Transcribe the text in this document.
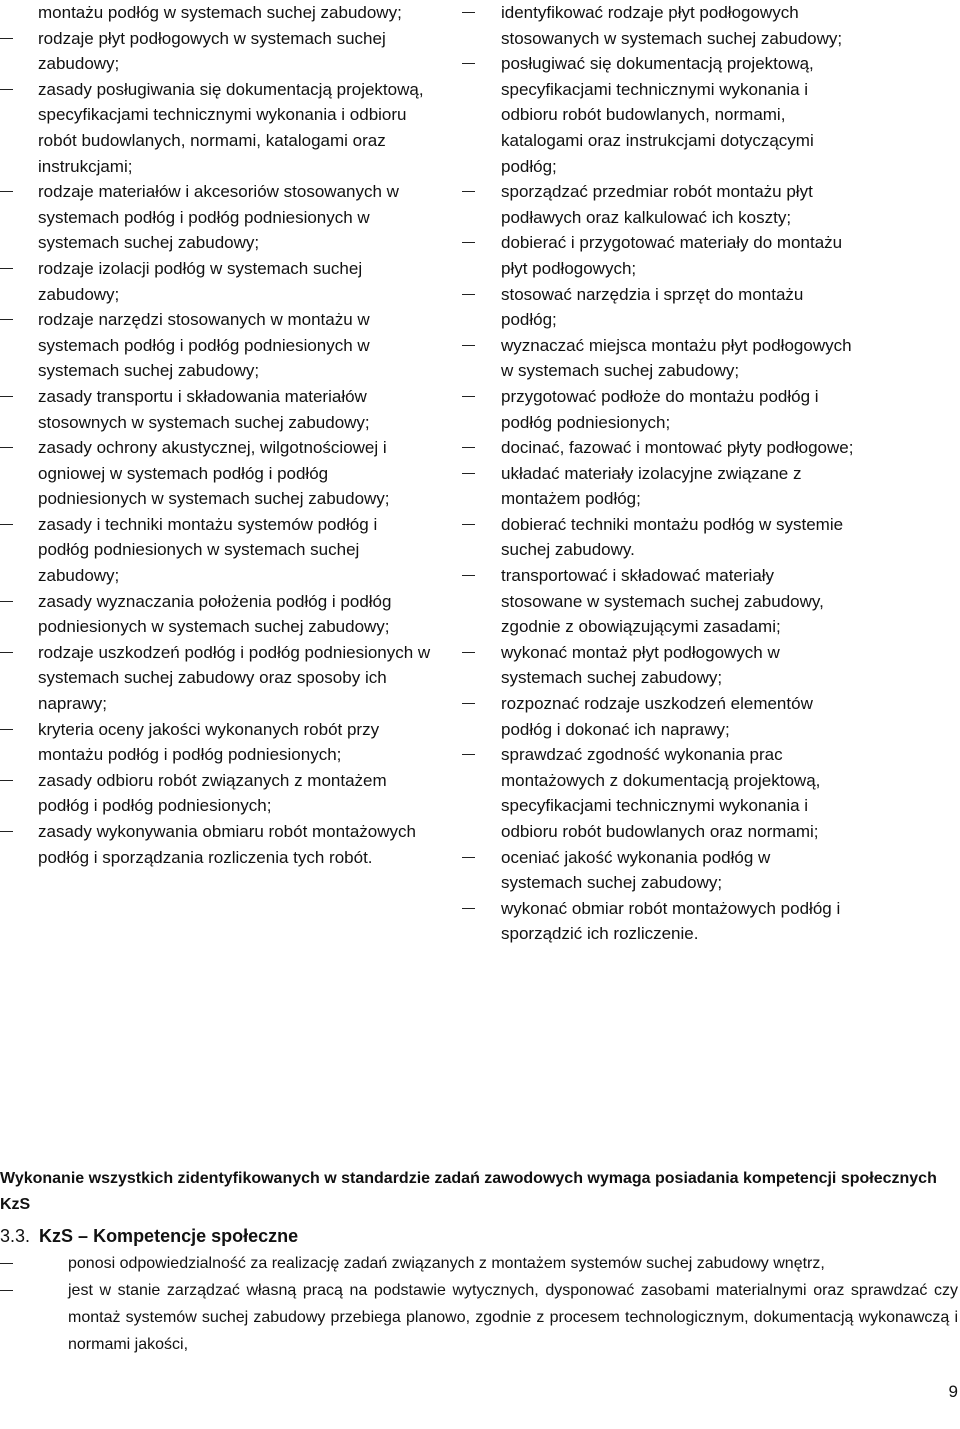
montażu podłóg w systemach suchej zabudowy;
rodzaje płyt podłogowych w systemach suchej zabudowy;
zasady posługiwania się dokumentacją projektową, specyfikacjami technicznymi wykonania i odbioru robót budowlanych, normami, katalogami oraz instrukcjami;
rodzaje materiałów i akcesoriów stosowanych w systemach podłóg i podłóg podniesionych w systemach suchej zabudowy;
rodzaje izolacji podłóg w systemach suchej zabudowy;
rodzaje narzędzi stosowanych w montażu w systemach podłóg i podłóg podniesionych w systemach suchej zabudowy;
zasady transportu i składowania materiałów stosownych w systemach suchej zabudowy;
zasady ochrony akustycznej, wilgotnościowej i ogniowej w systemach podłóg i podłóg podniesionych w systemach suchej zabudowy;
zasady i techniki montażu systemów podłóg i podłóg podniesionych w systemach suchej zabudowy;
zasady wyznaczania położenia podłóg i podłóg podniesionych w systemach suchej zabudowy;
rodzaje uszkodzeń podłóg i podłóg podniesionych w systemach suchej zabudowy oraz sposoby ich naprawy;
kryteria oceny jakości wykonanych robót przy montażu podłóg i podłóg podniesionych;
zasady odbioru robót związanych z montażem podłóg i podłóg podniesionych;
zasady wykonywania obmiaru robót montażowych podłóg i sporządzania rozliczenia tych robót.
identyfikować rodzaje płyt podłogowych stosowanych w systemach suchej zabudowy;
posługiwać się dokumentacją projektową, specyfikacjami technicznymi wykonania i odbioru robót budowlanych, normami, katalogami oraz instrukcjami dotyczącymi podłóg;
sporządzać przedmiar robót montażu płyt podławych oraz kalkulować ich koszty;
dobierać i przygotować materiały do montażu płyt podłogowych;
stosować narzędzia i sprzęt do montażu podłóg;
wyznaczać miejsca montażu płyt podłogowych w systemach suchej zabudowy;
przygotować podłoże do montażu podłóg i podłóg podniesionych;
docinać, fazować i montować płyty podłogowe;
układać materiały izolacyjne związane z montażem podłóg;
dobierać techniki montażu podłóg w systemie suchej zabudowy.
transportować i składować materiały stosowane w systemach suchej zabudowy, zgodnie z obowiązującymi zasadami;
wykonać montaż płyt podłogowych w systemach suchej zabudowy;
rozpoznać rodzaje uszkodzeń elementów podłóg i dokonać ich naprawy;
sprawdzać zgodność wykonania prac montażowych z dokumentacją projektową, specyfikacjami technicznymi wykonania i odbioru robót budowlanych oraz normami;
oceniać jakość wykonania podłóg w systemach suchej zabudowy;
wykonać obmiar robót montażowych podłóg i sporządzić ich rozliczenie.

Wykonanie wszystkich zidentyfikowanych w standardzie zadań zawodowych wymaga posiadania kompetencji społecznych KzS

3.3. KzS – Kompetencje społeczne
ponosi odpowiedzialność za realizację zadań związanych z montażem systemów suchej zabudowy wnętrz,
jest w stanie zarządzać własną pracą na podstawie wytycznych, dysponować zasobami materialnymi oraz sprawdzać czy montaż systemów suchej zabudowy przebiega planowo, zgodnie z procesem technologicznym, dokumentacją wykonawczą i normami jakości,
9
